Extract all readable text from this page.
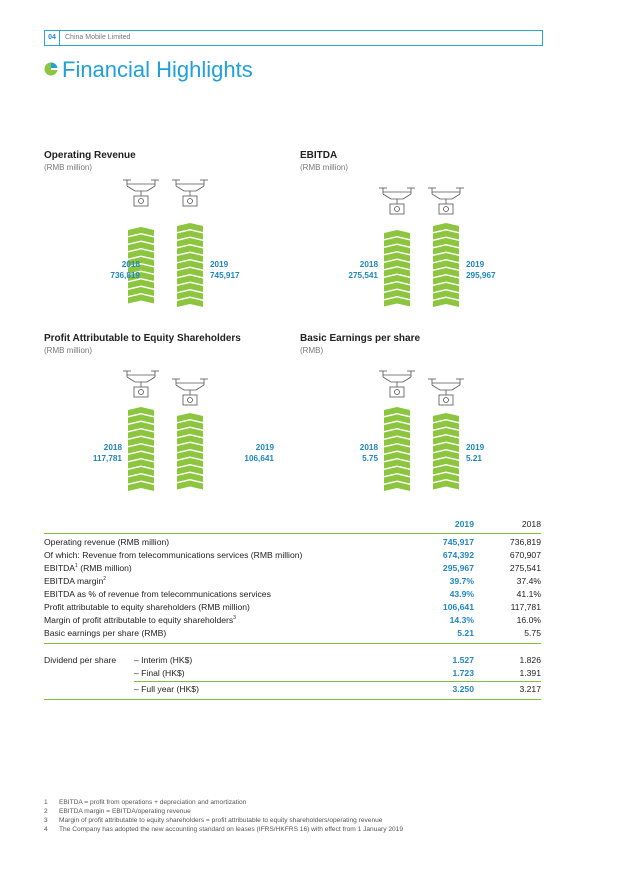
04	China Mobile Limited
Financial Highlights
Operating Revenue
(RMB million)
2018
736,819
2019
745,917
EBITDA
(RMB million)
2018
275,541
2019
295,967
Profit Attributable to Equity Shareholders
(RMB million)
2018
117,781
2019
106,641
Basic Earnings per share
(RMB)
2018
5.75
2019
5.21
2019	2018
Operating revenue (RMB million)	745,917	736,819
Of which: Revenue from telecommunications services (RMB million)	674,392	670,907
EBITDA$^1$ (RMB million)	295,967	275,541
EBITDA margin$^2$	39.7%	37.4%
EBITDA as % of revenue from telecommunications services	43.9%	41.1%
Profit attributable to equity shareholders (RMB million)	106,641	117,781
Margin of profit attributable to equity shareholders$^3$	14.3%	16.0%
Basic earnings per share (RMB)	5.21	5.75
Dividend per share – Interim (HK$)	1.527	1.826
– Final (HK$)	1.723	1.391
– Full year (HK$)	3.250	3.217
1 EBITDA = profit from operations + depreciation and amortization
2 EBITDA margin = EBITDA/operating revenue
3 Margin of profit attributable to equity shareholders = profit attributable to equity shareholders/operating revenue
4 The Company has adopted the new accounting standard on leases (IFRS/HKFRS 16) with effect from 1 January 2019
